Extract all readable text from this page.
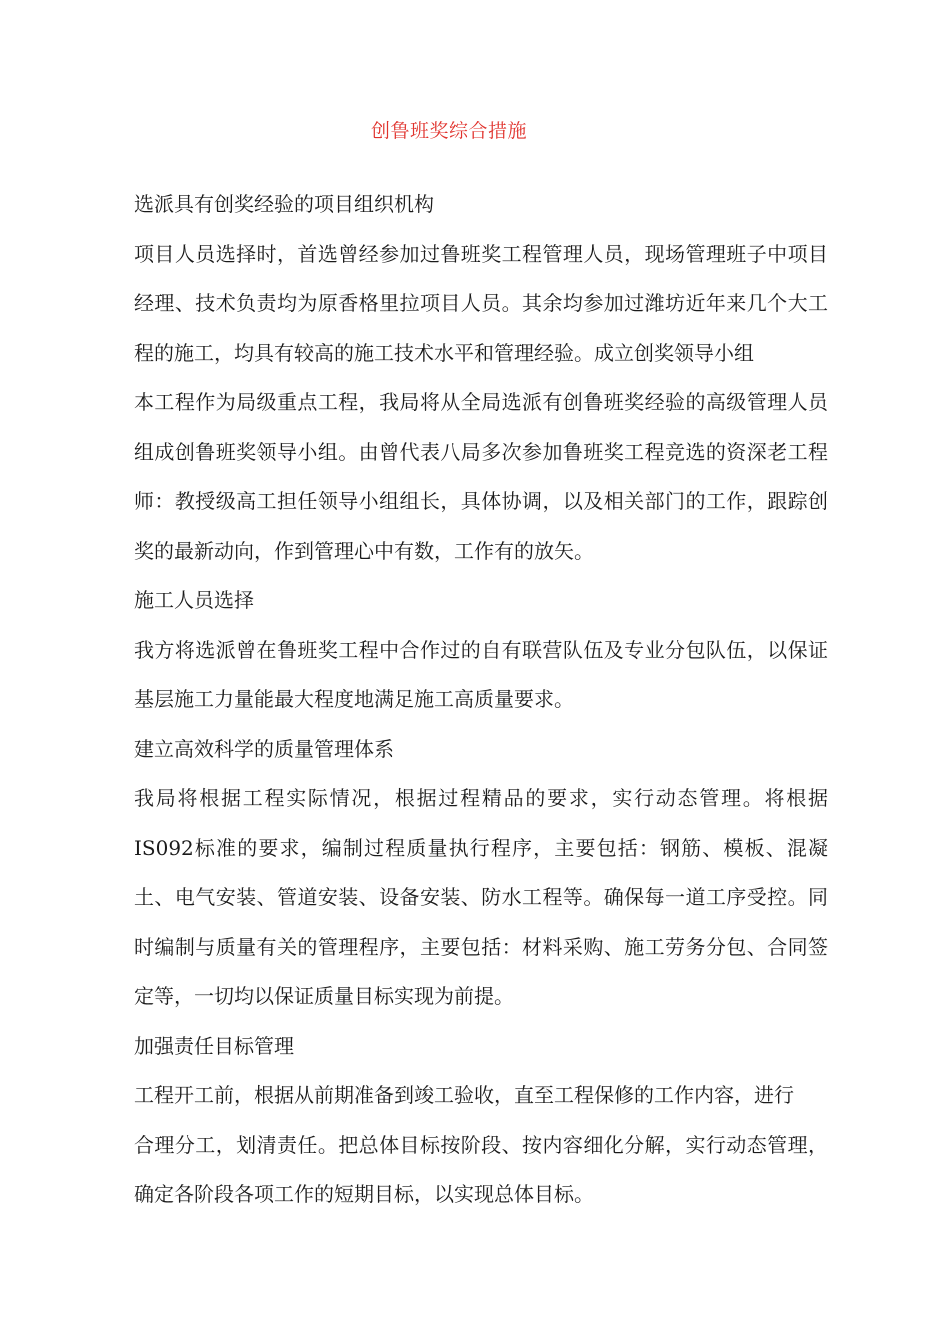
创鲁班奖综合措施
选派具有创奖经验的项目组织机构
项目人员选择时，首选曾经参加过鲁班奖工程管理人员，现场管理班子中项目
经理、技术负责均为原香格里拉项目人员。其余均参加过潍坊近年来几个大工
程的施工，均具有较高的施工技术水平和管理经验。成立创奖领导小组
本工程作为局级重点工程，我局将从全局选派有创鲁班奖经验的高级管理人员
组成创鲁班奖领导小组。由曾代表八局多次参加鲁班奖工程竞选的资深老工程
师：教授级高工担任领导小组组长，具体协调，以及相关部门的工作，跟踪创
奖的最新动向，作到管理心中有数，工作有的放矢。
施工人员选择
我方将选派曾在鲁班奖工程中合作过的自有联营队伍及专业分包队伍，以保证
基层施工力量能最大程度地满足施工高质量要求。
建立高效科学的质量管理体系
我局将根据工程实际情况，根据过程精品的要求，实行动态管理。将根据
IS092标准的要求，编制过程质量执行程序，主要包括：钢筋、模板、混凝
土、电气安装、管道安装、设备安装、防水工程等。确保每一道工序受控。同
时编制与质量有关的管理程序，主要包括：材料采购、施工劳务分包、合同签
定等，一切均以保证质量目标实现为前提。
加强责任目标管理
工程开工前，根据从前期准备到竣工验收，直至工程保修的工作内容，进行
合理分工，划清责任。把总体目标按阶段、按内容细化分解，实行动态管理，
确定各阶段各项工作的短期目标，以实现总体目标。
